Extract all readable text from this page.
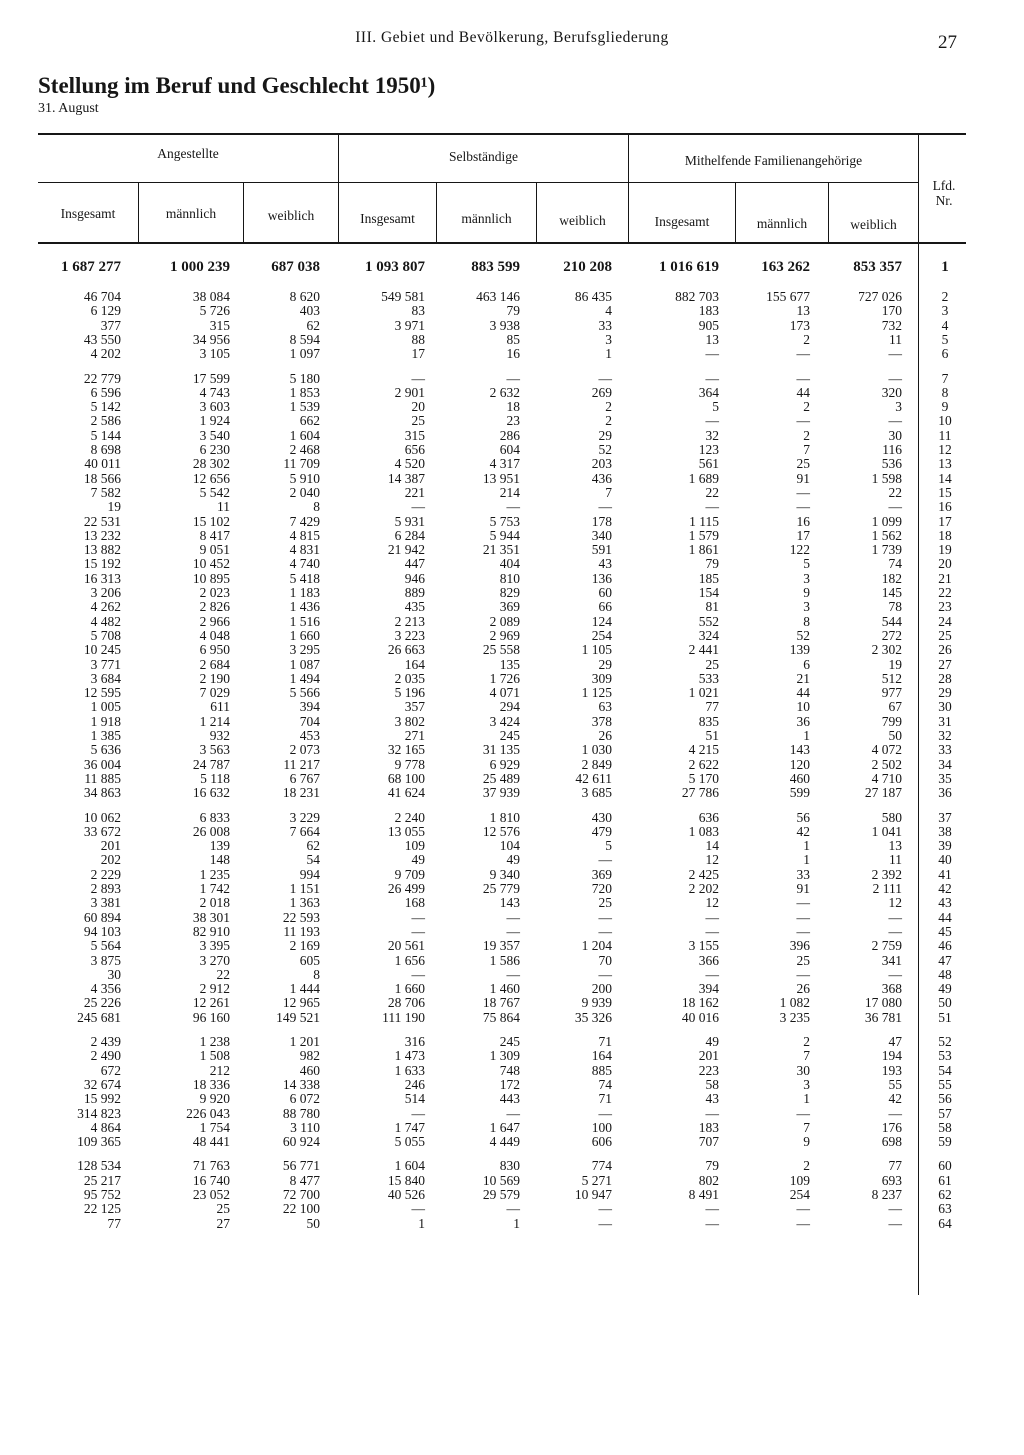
III. Gebiet und Bevölkerung, Berufsgliederung	27
Stellung im Beruf und Geschlecht 1950¹)
31. August
Angestellte	Selbständige	Mithelfende Familienangehörige
Insgesamt	männlich	weiblich	Insgesamt	männlich	weiblich	Insgesamt	männlich	weiblich
Lfd. Nr.
1 687 277	1 000 239	687 038	1 093 807	883 599	210 208	1 016 619	163 262	853 357	1
46 704	38 084	8 620	549 581	463 146	86 435	882 703	155 677	727 026	2
6 129	5 726	403	83	79	4	183	13	170	3
377	315	62	3 971	3 938	33	905	173	732	4
43 550	34 956	8 594	88	85	3	13	2	11	5
4 202	3 105	1 097	17	16	1	—	—	—	6
22 779	17 599	5 180	—	—	—	—	—	—	7
6 596	4 743	1 853	2 901	2 632	269	364	44	320	8
5 142	3 603	1 539	20	18	2	5	2	3	9
2 586	1 924	662	25	23	2	—	—	—	10
5 144	3 540	1 604	315	286	29	32	2	30	11
8 698	6 230	2 468	656	604	52	123	7	116	12
40 011	28 302	11 709	4 520	4 317	203	561	25	536	13
18 566	12 656	5 910	14 387	13 951	436	1 689	91	1 598	14
7 582	5 542	2 040	221	214	7	22	—	22	15
19	11	8	—	—	—	—	—	—	16
22 531	15 102	7 429	5 931	5 753	178	1 115	16	1 099	17
13 232	8 417	4 815	6 284	5 944	340	1 579	17	1 562	18
13 882	9 051	4 831	21 942	21 351	591	1 861	122	1 739	19
15 192	10 452	4 740	447	404	43	79	5	74	20
16 313	10 895	5 418	946	810	136	185	3	182	21
3 206	2 023	1 183	889	829	60	154	9	145	22
4 262	2 826	1 436	435	369	66	81	3	78	23
4 482	2 966	1 516	2 213	2 089	124	552	8	544	24
5 708	4 048	1 660	3 223	2 969	254	324	52	272	25
10 245	6 950	3 295	26 663	25 558	1 105	2 441	139	2 302	26
3 771	2 684	1 087	164	135	29	25	6	19	27
3 684	2 190	1 494	2 035	1 726	309	533	21	512	28
12 595	7 029	5 566	5 196	4 071	1 125	1 021	44	977	29
1 005	611	394	357	294	63	77	10	67	30
1 918	1 214	704	3 802	3 424	378	835	36	799	31
1 385	932	453	271	245	26	51	1	50	32
5 636	3 563	2 073	32 165	31 135	1 030	4 215	143	4 072	33
36 004	24 787	11 217	9 778	6 929	2 849	2 622	120	2 502	34
11 885	5 118	6 767	68 100	25 489	42 611	5 170	460	4 710	35
34 863	16 632	18 231	41 624	37 939	3 685	27 786	599	27 187	36
10 062	6 833	3 229	2 240	1 810	430	636	56	580	37
33 672	26 008	7 664	13 055	12 576	479	1 083	42	1 041	38
201	139	62	109	104	5	14	1	13	39
202	148	54	49	49	—	12	1	11	40
2 229	1 235	994	9 709	9 340	369	2 425	33	2 392	41
2 893	1 742	1 151	26 499	25 779	720	2 202	91	2 111	42
3 381	2 018	1 363	168	143	25	12	—	12	43
60 894	38 301	22 593	—	—	—	—	—	—	44
94 103	82 910	11 193	—	—	—	—	—	—	45
5 564	3 395	2 169	20 561	19 357	1 204	3 155	396	2 759	46
3 875	3 270	605	1 656	1 586	70	366	25	341	47
30	22	8	—	—	—	—	—	—	48
4 356	2 912	1 444	1 660	1 460	200	394	26	368	49
25 226	12 261	12 965	28 706	18 767	9 939	18 162	1 082	17 080	50
245 681	96 160	149 521	111 190	75 864	35 326	40 016	3 235	36 781	51
2 439	1 238	1 201	316	245	71	49	2	47	52
2 490	1 508	982	1 473	1 309	164	201	7	194	53
672	212	460	1 633	748	885	223	30	193	54
32 674	18 336	14 338	246	172	74	58	3	55	55
15 992	9 920	6 072	514	443	71	43	1	42	56
314 823	226 043	88 780	—	—	—	—	—	—	57
4 864	1 754	3 110	1 747	1 647	100	183	7	176	58
109 365	48 441	60 924	5 055	4 449	606	707	9	698	59
128 534	71 763	56 771	1 604	830	774	79	2	77	60
25 217	16 740	8 477	15 840	10 569	5 271	802	109	693	61
95 752	23 052	72 700	40 526	29 579	10 947	8 491	254	8 237	62
22 125	25	22 100	—	—	—	—	—	—	63
77	27	50	1	1	—	—	—	—	64
